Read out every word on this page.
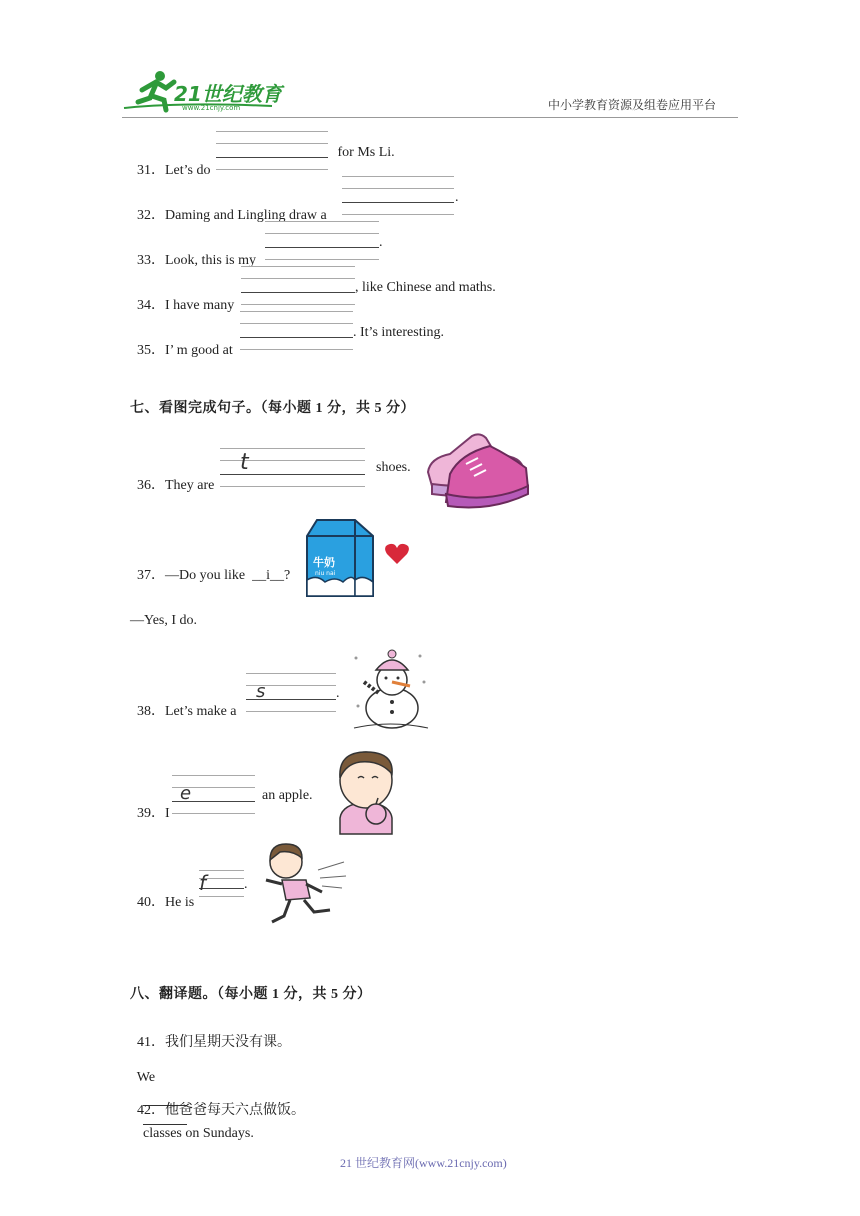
21世纪教育
www.21cnjy.com	中小学教育资源及组卷应用平台

31．Let’s do

for Ms Li.

32．Daming and Lingling draw a

.

33．Look, this is my

.

34．I have many

, like Chinese and maths.

35．I’ m good at

. It’s interesting.
七、看图完成句子。（每小题 1 分，共 5 分）

36．They are

t	shoes.

37．—Do you like  __i__?

牛奶
niu nai
—Yes, I do.

38．Let’s make a

s	.

39．I

e	an apple.

40．He is

f	.
八、翻译题。（每小题 1 分，共 5 分）

41．我们星期天没有课。

We

classes on Sundays.

42．他爸爸每天六点做饭。

21 世纪教育网(www.21cnjy.com)
